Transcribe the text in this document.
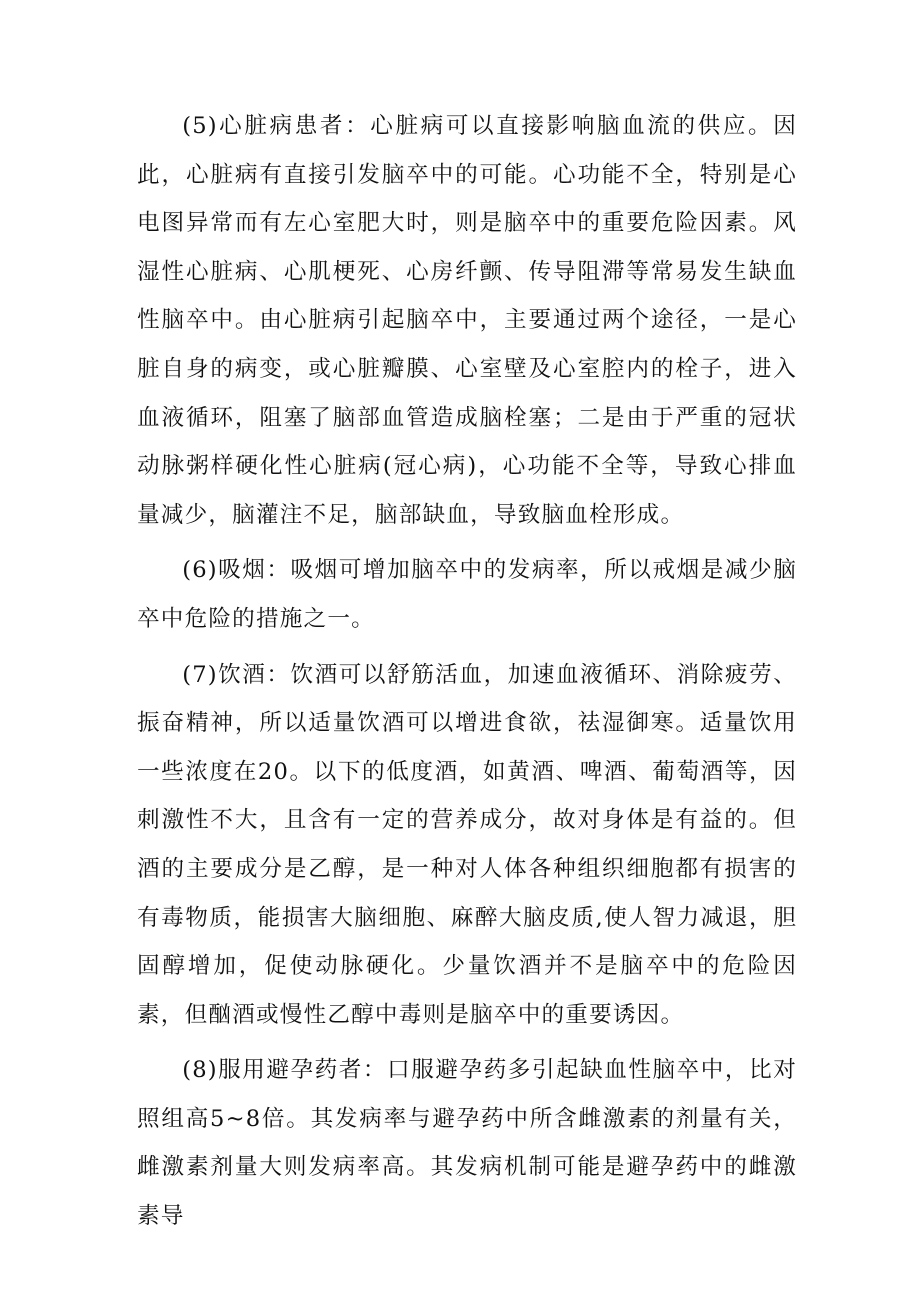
(5)心脏病患者：心脏病可以直接影响脑血流的供应。因此，心脏病有直接引发脑卒中的可能。心功能不全，特别是心电图异常而有左心室肥大时，则是脑卒中的重要危险因素。风湿性心脏病、心肌梗死、心房纤颤、传导阻滞等常易发生缺血性脑卒中。由心脏病引起脑卒中，主要通过两个途径，一是心脏自身的病变，或心脏瓣膜、心室壁及心室腔内的栓子，进入血液循环，阻塞了脑部血管造成脑栓塞；二是由于严重的冠状动脉粥样硬化性心脏病(冠心病)，心功能不全等，导致心排血量减少，脑灌注不足，脑部缺血，导致脑血栓形成。

(6)吸烟：吸烟可增加脑卒中的发病率，所以戒烟是减少脑卒中危险的措施之一。

(7)饮酒：饮酒可以舒筋活血，加速血液循环、消除疲劳、振奋精神，所以适量饮酒可以增进食欲，祛湿御寒。适量饮用一些浓度在20。以下的低度酒，如黄酒、啤酒、葡萄酒等，因刺激性不大，且含有一定的营养成分，故对身体是有益的。但酒的主要成分是乙醇，是一种对人体各种组织细胞都有损害的有毒物质，能损害大脑细胞、麻醉大脑皮质,使人智力减退，胆固醇增加，促使动脉硬化。少量饮酒并不是脑卒中的危险因素，但酗酒或慢性乙醇中毒则是脑卒中的重要诱因。

(8)服用避孕药者：口服避孕药多引起缺血性脑卒中，比对照组高5~8倍。其发病率与避孕药中所含雌激素的剂量有关，雌激素剂量大则发病率高。其发病机制可能是避孕药中的雌激素导
